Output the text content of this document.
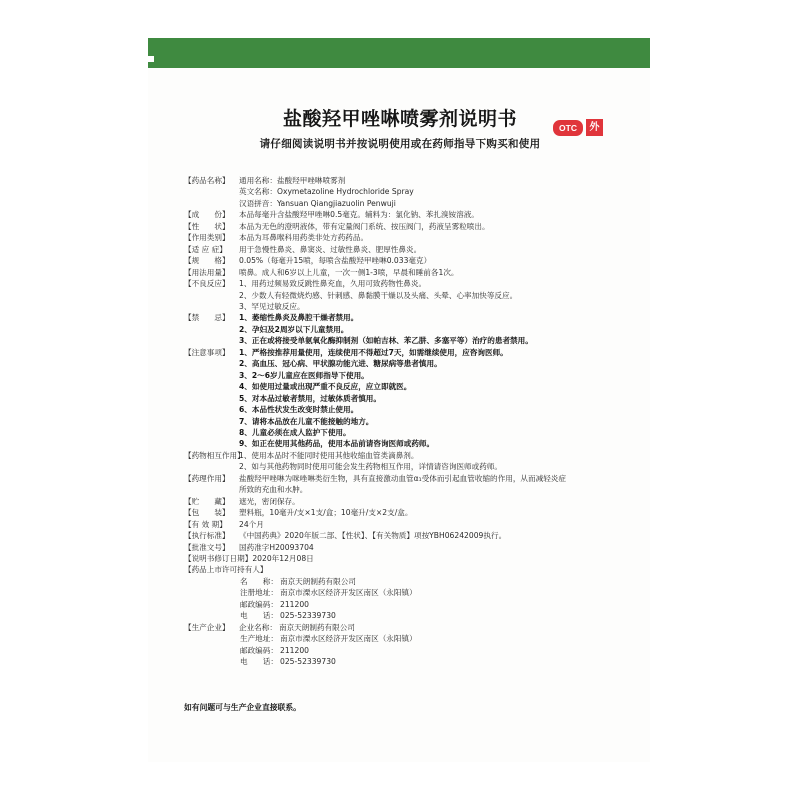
OTC	外
盐酸羟甲唑啉喷雾剂说明书
请仔细阅读说明书并按说明使用或在药师指导下购买和使用
【药品名称】	通用名称：盐酸羟甲唑啉喷雾剂
英文名称：Oxymetazoline Hydrochloride Spray
汉语拼音：Yansuan Qiangjiazuolin Penwuji
【成　　份】	本品每毫升含盐酸羟甲唑啉0.5毫克。辅料为：氯化钠、苯扎溴铵溶液。
【性　　状】	本品为无色的澄明液体，带有定量阀门系统、按压阀门，药液呈雾粒喷出。
【作用类别】	本品为耳鼻喉科用药类非处方药药品。
【适 应 症】	用于急慢性鼻炎、鼻窦炎、过敏性鼻炎、肥厚性鼻炎。
【规　　格】	0.05%（每毫升15喷，每喷含盐酸羟甲唑啉0.033毫克）
【用法用量】	喷鼻。成人和6岁以上儿童，一次一侧1-3喷，早晨和睡前各1次。
【不良反应】	1、用药过频易致反跳性鼻充血，久用可致药物性鼻炎。
2、少数人有轻微烧灼感、针刺感、鼻黏膜干燥以及头痛、头晕、心率加快等反应。
3、罕见过敏反应。
【禁　　忌】	1、萎缩性鼻炎及鼻腔干燥者禁用。
2、孕妇及2周岁以下儿童禁用。
3、正在或将接受单氨氧化酶抑制剂（如帕吉林、苯乙肼、多塞平等）治疗的患者禁用。
【注意事项】	1、严格按推荐用量使用，连续使用不得超过7天，如需继续使用，应咨询医师。
2、高血压、冠心病、甲状腺功能亢进、糖尿病等患者慎用。
3、2～6岁儿童应在医师指导下使用。
4、如使用过量或出现严重不良反应，应立即就医。
5、对本品过敏者禁用，过敏体质者慎用。
6、本品性状发生改变时禁止使用。
7、请将本品放在儿童不能接触的地方。
8、儿童必须在成人监护下使用。
9、如正在使用其他药品，使用本品前请咨询医师或药师。
【药物相互作用】
1、使用本品时不能同时使用其他收缩血管类滴鼻剂。
2、如与其他药物同时使用可能会发生药物相互作用，详情请咨询医师或药师。
【药理作用】	盐酸羟甲唑啉为咪唑啉类衍生物，具有直接激动血管α₁受体而引起血管收缩的作用，从而减轻炎症
所致的充血和水肿。
【贮　　藏】	遮光，密闭保存。
【包　　装】	塑料瓶，10毫升/支×1支/盒；10毫升/支×2支/盒。
【有 效 期】	24个月
【执行标准】	《中国药典》2020年版二部、【性状】、【有关物质】项按YBH06242009执行。
【批准文号】	国药准字H20093704
【说明书修订日期】 2020年12月08日
【药品上市许可持有人】
名　　称： 南京天朗制药有限公司
注册地址： 南京市溧水区经济开发区南区（永阳镇）
邮政编码： 211200
电　　话： 025-52339730
【生产企业】	企业名称： 南京天朗制药有限公司
生产地址： 南京市溧水区经济开发区南区（永阳镇）
邮政编码： 211200
电　　话： 025-52339730
如有问题可与生产企业直接联系。
